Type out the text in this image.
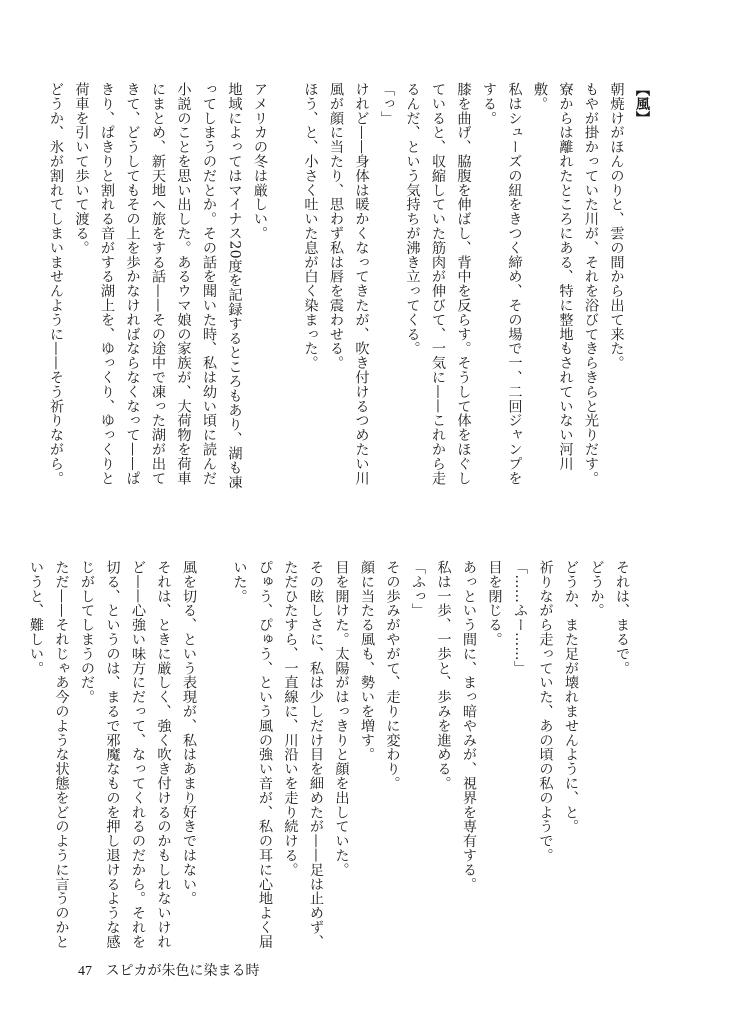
【風】

朝焼けがほんのりと、雲の間から出て来た。

もやが掛かっていた川が、それを浴びてきらきらと光りだす。

寮からは離れたところにある、特に整地もされていない河川敷。

私はシューズの紐をきつく締め、その場で一、二回ジャンプをする。

膝を曲げ、脇腹を伸ばし、背中を反らす。そうして体をほぐしていると、収縮していた筋肉が伸びて、一気に——これから走るんだ、という気持ちが沸き立ってくる。

「っ」

けれど——身体は暖かくなってきたが、吹き付けるつめたい川風が顔に当たり、思わず私は唇を震わせる。

ほう、と、小さく吐いた息が白く染まった。

アメリカの冬は厳しい。

地域によってはマイナス20度を記録するところもあり、湖も凍ってしまうのだとか。その話を聞いた時、私は幼い頃に読んだ小説のことを思い出した。あるウマ娘の家族が、大荷物を荷車にまとめ、新天地へ旅をする話——その途中で凍った湖が出てきて、どうしてもその上を歩かなければならなくなって——ぱきり、ぱきりと割れる音がする湖上を、ゆっくり、ゆっくりと荷車を引いて歩いて渡る。

どうか、氷が割れてしまいませんように——そう祈りながら。

それは、まるで。

どうか。

どうか、また足が壊れませんように、と。

祈りながら走っていた、あの頃の私のようで。

「……ふー……」

目を閉じる。

あっという間に、まっ暗やみが、視界を専有する。

私は一歩、一歩と、歩みを進める。

「ふっ」

その歩みがやがて、走りに変わり。

顔に当たる風も、勢いを増す。

目を開けた。太陽がはっきりと顔を出していた。

その眩しさに、私は少しだけ目を細めたが——足は止めず、ただひたすら、一直線に、川沿いを走り続ける。

ぴゅう、ぴゅう、という風の強い音が、私の耳に心地よく届いた。

風を切る、という表現が、私はあまり好きではない。

それは、ときに厳しく、強く吹き付けるのかもしれないけれど——心強い味方にだって、なってくれるのだから。それを切る、というのは、まるで邪魔なものを押し退けるような感じがしてしまうのだ。

ただ——それじゃあ今のような状態をどのように言うのかというと、難しい。

47 スピカが朱色に染まる時
